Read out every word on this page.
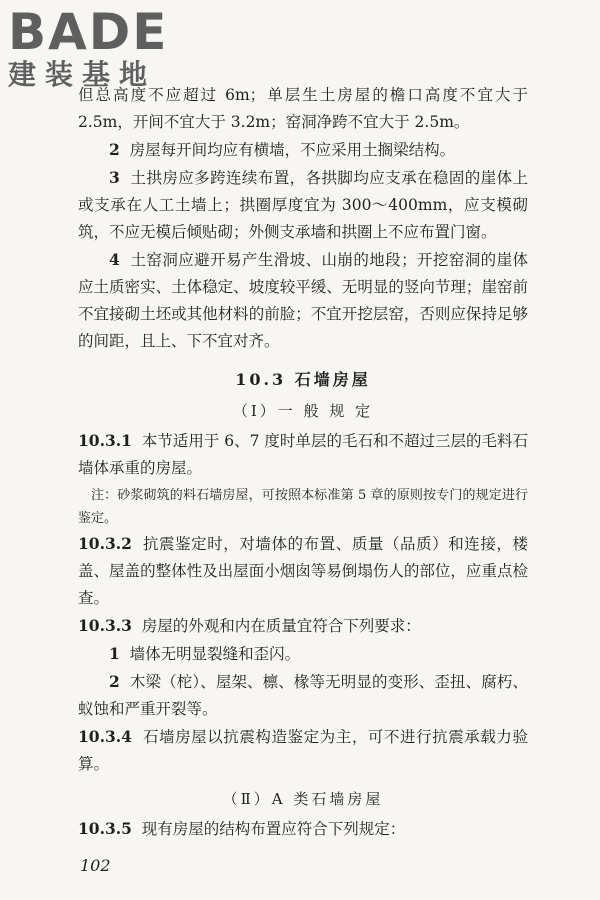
BADE
建装基地

但总高度不应超过 6m；单层生土房屋的檐口高度不宜大于 2.5m，开间不宜大于 3.2m；窑洞净跨不宜大于 2.5m。

2 房屋每开间均应有横墙，不应采用土搁梁结构。

3 土拱房应多跨连续布置，各拱脚均应支承在稳固的崖体上或支承在人工土墙上；拱圈厚度宜为 300～400mm，应支模砌筑，不应无模后倾贴砌；外侧支承墙和拱圈上不应布置门窗。

4 土窑洞应避开易产生滑坡、山崩的地段；开挖窑洞的崖体应土质密实、土体稳定、坡度较平缓、无明显的竖向节理；崖窑前不宜接砌土坯或其他材料的前脸；不宜开挖层窑，否则应保持足够的间距，且上、下不宜对齐。

10.3 石墙房屋
（Ⅰ）一 般 规 定

10.3.1 本节适用于 6、7 度时单层的毛石和不超过三层的毛料石墙体承重的房屋。

注：砂浆砌筑的料石墙房屋，可按照本标准第 5 章的原则按专门的规定进行鉴定。

10.3.2 抗震鉴定时，对墙体的布置、质量（品质）和连接，楼盖、屋盖的整体性及出屋面小烟囱等易倒塌伤人的部位，应重点检查。

10.3.3 房屋的外观和内在质量宜符合下列要求：

1 墙体无明显裂缝和歪闪。

2 木梁（柁）、屋架、檩、椽等无明显的变形、歪扭、腐朽、蚁蚀和严重开裂等。

10.3.4 石墙房屋以抗震构造鉴定为主，可不进行抗震承载力验算。

（Ⅱ）A 类石墙房屋

10.3.5 现有房屋的结构布置应符合下列规定：

102
